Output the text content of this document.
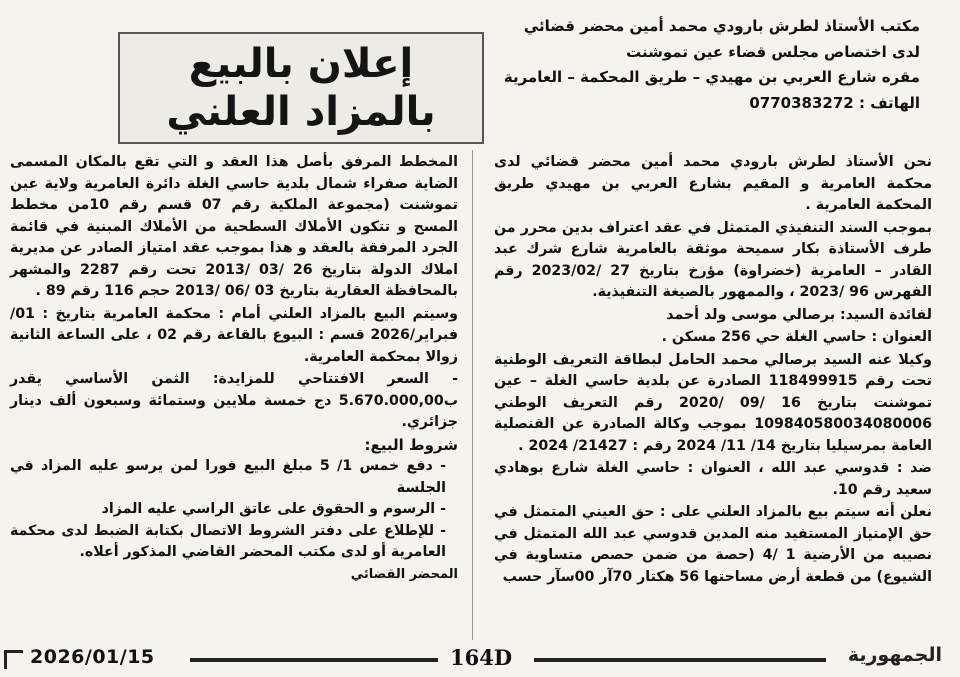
مكتب الأستاذ لطرش بارودي محمد أمين محضر قضائي
لدى اختصاص مجلس قضاء عين تموشنت
مقره شارع العربي بن مهيدي – طريق المحكمة – العامرية
الهاتف : 0770383272
إعلان بالبيع
بالمزاد العلني

نحن الأستاذ لطرش بارودي محمد أمين محضر قضائي لدى محكمة العامرية و المقيم بشارع العربي بن مهيدي طريق المحكمة العامرية .

بموجب السند التنفيذي المتمثل في عقد اعتراف بدين محرر من طرف الأستاذة بكار سميحة موثقة بالعامرية شارع شرك عبد القادر – العامرية (خضراوة) مؤرخ بتاريخ 27 /2023/02 رقم الفهرس 96 /2023 ، والممهور بالصيغة التنفيذية.

لفائدة السيد: برصالي موسى ولد أحمد

العنوان : حاسي الغلة حي 256 مسكن .

وكيلا عنه السيد برصالي محمد الحامل لبطاقة التعريف الوطنية تحت رقم 118499915 الصادرة عن بلدية حاسي الغلة – عين تموشنت بتاريخ 16 /09 /2020 رقم التعريف الوطني 109840580034080006 بموجب وكالة الصادرة عن القنصلية العامة بمرسيليا بتاريخ 14/ 11/ 2024 رقم : 21427/ 2024 .

ضد : قدوسي عبد الله ، العنوان : حاسي الغلة شارع بوهادي سعيد رقم 10.

نعلن أنه سيتم بيع بالمزاد العلني على : حق العيني المتمثل في حق الإمتياز المستفيد منه المدين قدوسي عبد الله المتمثل في نصيبه من الأرضية 1 /4 (حصة من ضمن حصص متساوية في الشيوع) من قطعة أرض مساحتها 56 هكتار 70آر 00سآر حسب

المخطط المرفق بأصل هذا العقد و التي تقع بالمكان المسمى الضاية صفراء شمال بلدية حاسي الغلة دائرة العامرية ولاية عين تموشنت (مجموعة الملكية رقم 07 قسم رقم 10من مخطط المسح و تتكون الأملاك السطحية من الأملاك المبنية في قائمة الجرد المرفقة بالعقد و هذا بموجب عقد امتياز الصادر عن مديرية املاك الدولة بتاريخ 26 /03 /2013 تحت رقم 2287 والمشهر بالمحافظة العقارية بتاريخ 03 /06 /2013 حجم 116 رقم 89 .

وسيتم البيع بالمزاد العلني أمام : محكمة العامرية بتاريخ : 01/فبراير/2026 قسم : البيوع بالقاعة رقم 02 ، على الساعة الثانية زوالا بمحكمة العامرية.

- السعر الافتتاحي للمزايدة: الثمن الأساسي يقدر ب5.670.000,00 دج خمسة ملايين وستمائة وسبعون ألف دينار جزائري.

شروط البيع:

- دفع خمس 1/ 5 مبلغ البيع فورا لمن يرسو عليه المزاد في الجلسة

- الرسوم و الحقوق على عاتق الراسي عليه المزاد

- للإطلاع على دفتر الشروط الاتصال بكتابة الضبط لدى محكمة العامرية أو لدى مكتب المحضر القاضي المذكور أعلاه.

المحضر القضائي
2026/01/15	164D	الجمهورية
